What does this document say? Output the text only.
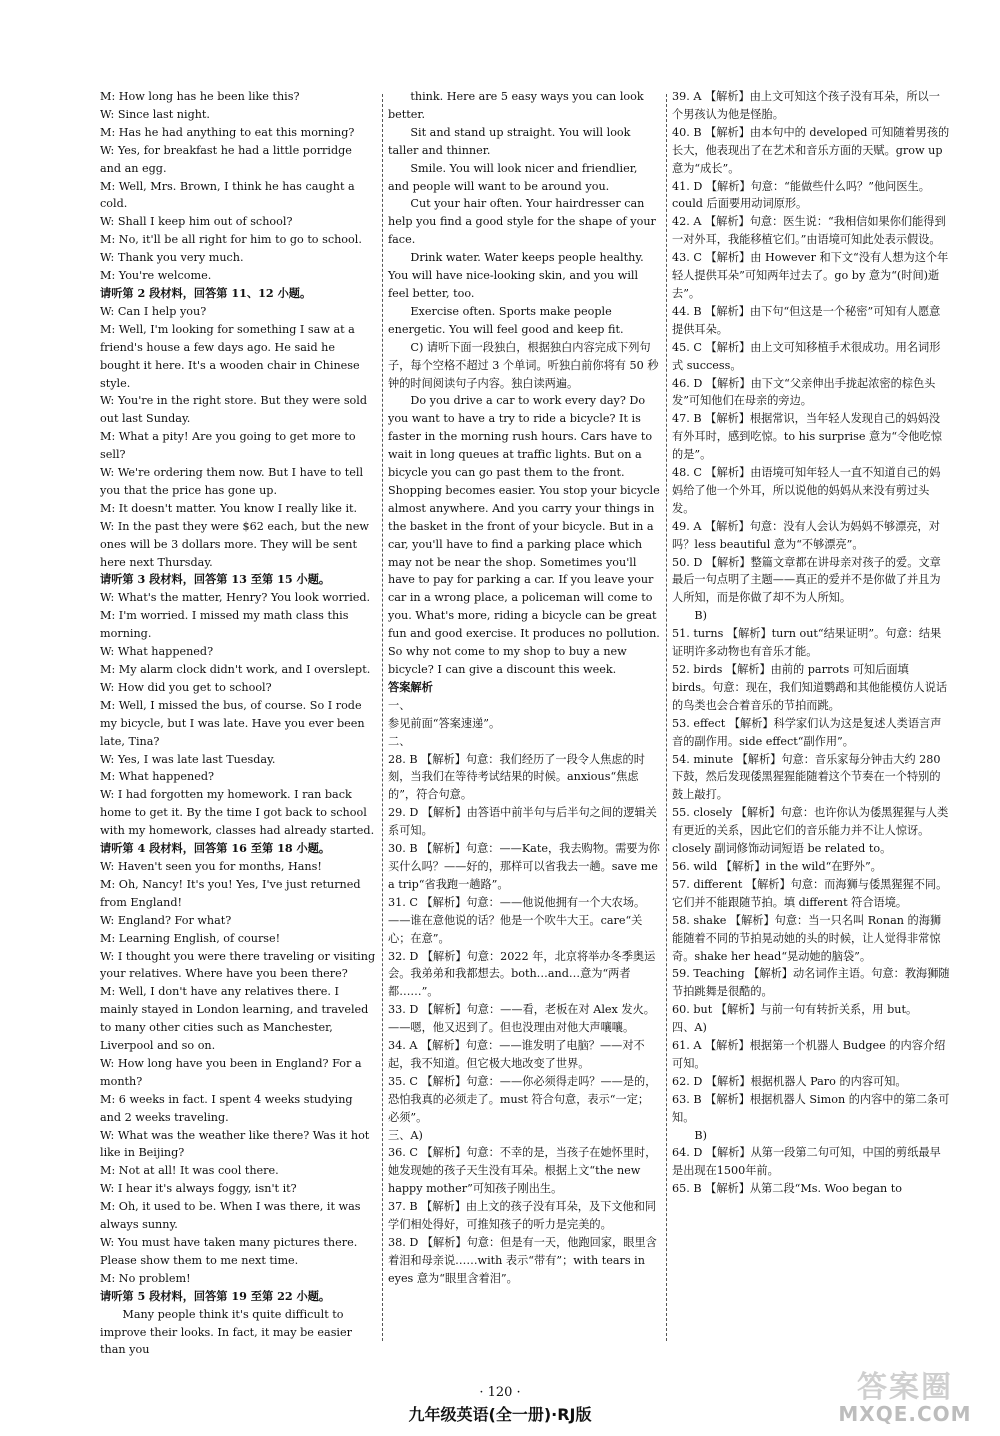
M: How long has he been like this?

W: Since last night.

M: Has he had anything to eat this morning?

W: Yes, for breakfast he had a little porridge and an egg.

M: Well, Mrs. Brown, I think he has caught a cold.

W: Shall I keep him out of school?

M: No, it'll be all right for him to go to school.

W: Thank you very much.

M: You're welcome.

请听第 2 段材料，回答第 11、12 小题。

W: Can I help you?

M: Well, I'm looking for something I saw at a friend's house a few days ago. He said he bought it here. It's a wooden chair in Chinese style.

W: You're in the right store. But they were sold out last Sunday.

M: What a pity! Are you going to get more to sell?

W: We're ordering them now. But I have to tell you that the price has gone up.

M: It doesn't matter. You know I really like it.

W: In the past they were $62 each, but the new ones will be 3 dollars more. They will be sent here next Thursday.

请听第 3 段材料，回答第 13 至第 15 小题。

W: What's the matter, Henry? You look worried.

M: I'm worried. I missed my math class this morning.

W: What happened?

M: My alarm clock didn't work, and I overslept.

W: How did you get to school?

M: Well, I missed the bus, of course. So I rode my bicycle, but I was late. Have you ever been late, Tina?

W: Yes, I was late last Tuesday.

M: What happened?

W: I had forgotten my homework. I ran back home to get it. By the time I got back to school with my homework, classes had already started.

请听第 4 段材料，回答第 16 至第 18 小题。

W: Haven't seen you for months, Hans!

M: Oh, Nancy! It's you! Yes, I've just returned from England!

W: England? For what?

M: Learning English, of course!

W: I thought you were there traveling or visiting your relatives. Where have you been there?

M: Well, I don't have any relatives there. I mainly stayed in London learning, and traveled to many other cities such as Manchester, Liverpool and so on.

W: How long have you been in England? For a month?

M: 6 weeks in fact. I spent 4 weeks studying and 2 weeks traveling.

W: What was the weather like there? Was it hot like in Beijing?

M: Not at all! It was cool there.

W: I hear it's always foggy, isn't it?

M: Oh, it used to be. When I was there, it was always sunny.

W: You must have taken many pictures there. Please show them to me next time.

M: No problem!

请听第 5 段材料，回答第 19 至第 22 小题。

Many people think it's quite difficult to improve their looks. In fact, it may be easier than you

think. Here are 5 easy ways you can look better.

Sit and stand up straight. You will look taller and thinner.

Smile. You will look nicer and friendlier, and people will want to be around you.

Cut your hair often. Your hairdresser can help you find a good style for the shape of your face.

Drink water. Water keeps people healthy. You will have nice-looking skin, and you will feel better, too.

Exercise often. Sports make people energetic. You will feel good and keep fit.

C) 请听下面一段独白，根据独白内容完成下列句子，每个空格不超过 3 个单词。听独白前你将有 50 秒钟的时间阅读句子内容。独白读两遍。

Do you drive a car to work every day? Do you want to have a try to ride a bicycle? It is faster in the morning rush hours. Cars have to wait in long queues at traffic lights. But on a bicycle you can go past them to the front. Shopping becomes easier. You stop your bicycle almost anywhere. And you carry your things in the basket in the front of your bicycle. But in a car, you'll have to find a parking place which may not be near the shop. Sometimes you'll have to pay for parking a car. If you leave your car in a wrong place, a policeman will come to you. What's more, riding a bicycle can be great fun and good exercise. It produces no pollution. So why not come to my shop to buy a new bicycle? I can give a discount this week.

答案解析

一、

参见前面“答案速递”。

二、

28. B 【解析】句意：我们经历了一段令人焦虑的时刻，当我们在等待考试结果的时候。anxious“焦虑的”，符合句意。

29. D 【解析】由答语中前半句与后半句之间的逻辑关系可知。

30. B 【解析】句意：——Kate，我去购物。需要为你买什么吗？——好的，那样可以省我去一趟。save me a trip“省我跑一趟路”。

31. C 【解析】句意：——他说他拥有一个大农场。——谁在意他说的话？他是一个吹牛大王。care“关心；在意”。

32. D 【解析】句意：2022 年，北京将举办冬季奥运会。我弟弟和我都想去。both…and…意为“两者都……”。

33. D 【解析】句意：——看，老板在对 Alex 发火。——嗯，他又迟到了。但也没理由对他大声嚷嚷。

34. A 【解析】句意：——谁发明了电脑？——对不起，我不知道。但它极大地改变了世界。

35. C 【解析】句意：——你必须得走吗？——是的，恐怕我真的必须走了。must 符合句意，表示“一定；必须”。

三、A)

36. C 【解析】句意：不幸的是，当孩子在她怀里时，她发现她的孩子天生没有耳朵。根据上文“the new happy mother”可知孩子刚出生。

37. B 【解析】由上文的孩子没有耳朵，及下文他和同学们相处得好，可推知孩子的听力是完美的。

38. D 【解析】句意：但是有一天，他跑回家，眼里含着泪和母亲说……with 表示“带有”；with tears in eyes 意为“眼里含着泪”。

39. A 【解析】由上文可知这个孩子没有耳朵，所以一个男孩认为他是怪胎。

40. B 【解析】由本句中的 developed 可知随着男孩的长大，他表现出了在艺术和音乐方面的天赋。grow up 意为“成长”。

41. D 【解析】句意：“能做些什么吗？”他问医生。could 后面要用动词原形。

42. A 【解析】句意：医生说：“我相信如果你们能得到一对外耳，我能移植它们。”由语境可知此处表示假设。

43. C 【解析】由 However 和下文“没有人想为这个年轻人提供耳朵”可知两年过去了。go by 意为“(时间)逝去”。

44. B 【解析】由下句“但这是一个秘密”可知有人愿意提供耳朵。

45. C 【解析】由上文可知移植手术很成功。用名词形式 success。

46. D 【解析】由下文“父亲伸出手拢起浓密的棕色头发”可知他们在母亲的旁边。

47. B 【解析】根据常识，当年轻人发现自己的妈妈没有外耳时，感到吃惊。to his surprise 意为“令他吃惊的是”。

48. C 【解析】由语境可知年轻人一直不知道自己的妈妈给了他一个外耳，所以说他的妈妈从来没有剪过头发。

49. A 【解析】句意：没有人会认为妈妈不够漂亮，对吗？less beautiful 意为“不够漂亮”。

50. D 【解析】整篇文章都在讲母亲对孩子的爱。文章最后一句点明了主题——真正的爱并不是你做了并且为人所知，而是你做了却不为人所知。

B)

51. turns 【解析】turn out“结果证明”。句意：结果证明许多动物也有音乐才能。

52. birds 【解析】由前的 parrots 可知后面填 birds。句意：现在，我们知道鹦鹉和其他能模仿人说话的鸟类也会合着音乐的节拍而跳。

53. effect 【解析】科学家们认为这是复述人类语言声音的副作用。side effect“副作用”。

54. minute 【解析】句意：音乐家每分钟击大约 280 下鼓，然后发现倭黑猩猩能随着这个节奏在一个特别的鼓上敲打。

55. closely 【解析】句意：也许你认为倭黑猩猩与人类有更近的关系，因此它们的音乐能力并不让人惊讶。closely 副词修饰动词短语 be related to。

56. wild 【解析】in the wild“在野外”。

57. different 【解析】句意：而海狮与倭黑猩猩不同。它们并不能跟随节拍。填 different 符合语境。

58. shake 【解析】句意：当一只名叫 Ronan 的海狮能随着不同的节拍晃动她的头的时候，让人觉得非常惊奇。shake her head“晃动她的脑袋”。

59. Teaching 【解析】动名词作主语。句意：教海狮随节拍跳舞是很酷的。

60. but 【解析】与前一句有转折关系，用 but。

四、A)

61. A 【解析】根据第一个机器人 Budgee 的内容介绍可知。

62. D 【解析】根据机器人 Paro 的内容可知。

63. B 【解析】根据机器人 Simon 的内容中的第二条可知。

B)

64. D 【解析】从第一段第二句可知，中国的剪纸最早是出现在1500年前。

65. B 【解析】从第二段“Ms. Woo began to

· 120 ·
九年级英语(全一册)·RJ版
答案圈
MXQE.COM
